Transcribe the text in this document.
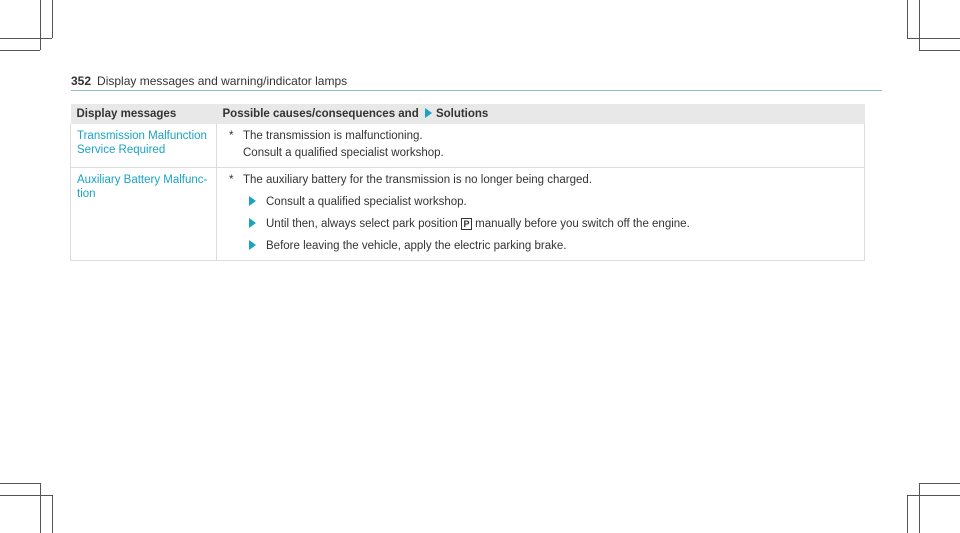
352 Display messages and warning/indicator lamps
Display messages	Possible causes/consequences and Solutions
Transmission Malfunction Service Required	* The transmission is malfunctioning.
Consult a qualified specialist workshop.

Auxiliary Battery Malfunc-tion	* The auxiliary battery for the transmission is no longer being charged.
Consult a qualified specialist workshop.
Until then, always select park position P manually before you switch off the engine.
Before leaving the vehicle, apply the electric parking brake.
